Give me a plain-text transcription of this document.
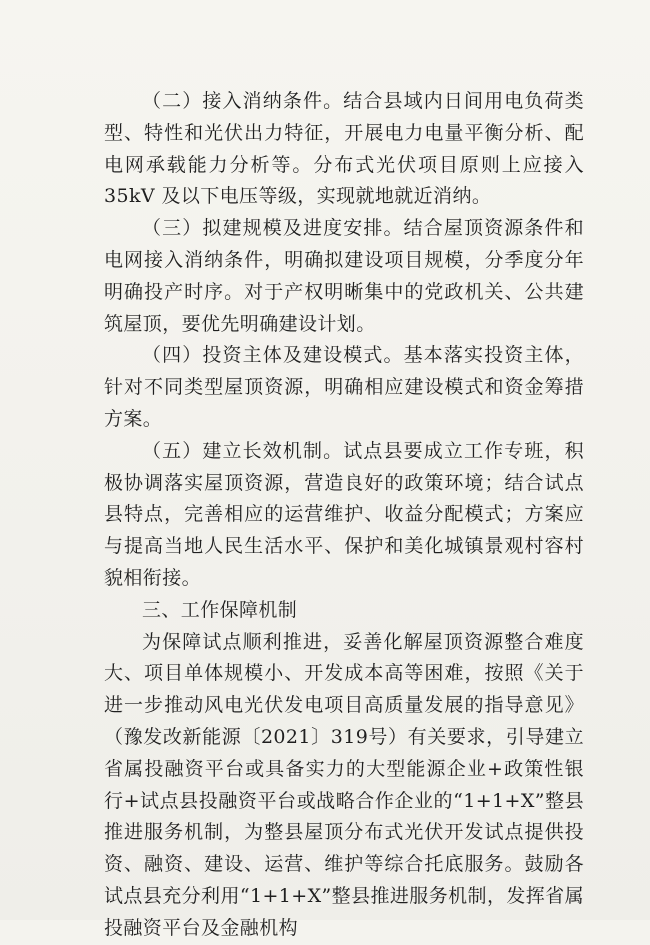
（二）接入消纳条件。结合县域内日间用电负荷类型、特性和光伏出力特征，开展电力电量平衡分析、配电网承载能力分析等。分布式光伏项目原则上应接入 35kV 及以下电压等级，实现就地就近消纳。

（三）拟建规模及进度安排。结合屋顶资源条件和电网接入消纳条件，明确拟建设项目规模，分季度分年明确投产时序。对于产权明晰集中的党政机关、公共建筑屋顶，要优先明确建设计划。

（四）投资主体及建设模式。基本落实投资主体，针对不同类型屋顶资源，明确相应建设模式和资金筹措方案。

（五）建立长效机制。试点县要成立工作专班，积极协调落实屋顶资源，营造良好的政策环境；结合试点县特点，完善相应的运营维护、收益分配模式；方案应与提高当地人民生活水平、保护和美化城镇景观村容村貌相衔接。

三、工作保障机制

为保障试点顺利推进，妥善化解屋顶资源整合难度大、项目单体规模小、开发成本高等困难，按照《关于进一步推动风电光伏发电项目高质量发展的指导意见》（豫发改新能源〔2021〕319号）有关要求，引导建立省属投融资平台或具备实力的大型能源企业+政策性银行+试点县投融资平台或战略合作企业的“1+1+X”整县推进服务机制，为整县屋顶分布式光伏开发试点提供投资、融资、建设、运营、维护等综合托底服务。鼓励各试点县充分利用“1+1+X”整县推进服务机制，发挥省属投融资平台及金融机构
